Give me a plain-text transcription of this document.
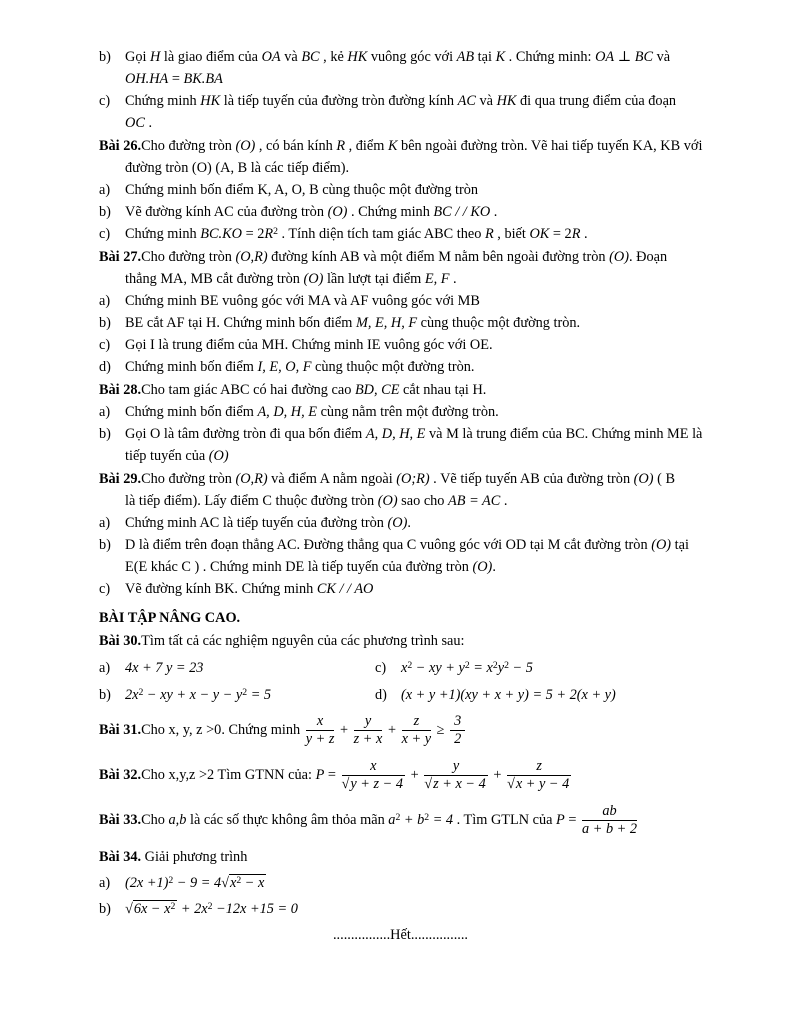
b) Gọi H là giao điểm của OA và BC , kẻ HK vuông góc với AB tại K . Chứng minh: OA ⊥ BC và
OH.HA = BK.BA
c) Chứng minh HK là tiếp tuyến của đường tròn đường kính AC và HK đi qua trung điểm của đoạn
OC .
Bài 26.Cho đường tròn (O) , có bán kính R , điểm K bên ngoài đường tròn. Vẽ hai tiếp tuyến KA, KB với
đường tròn (O) (A, B là các tiếp điểm).
a) Chứng minh bốn điểm K, A, O, B cùng thuộc một đường tròn
b) Vẽ đường kính AC của đường tròn (O) . Chứng minh BC / / KO .
c) Chứng minh $BC.KO = 2R^2$ . Tính diện tích tam giác ABC theo R , biết OK = 2R .
Bài 27.Cho đường tròn (O,R) đường kính AB và một điểm M nằm bên ngoài đường tròn (O). Đoạn
thẳng MA, MB cắt đường tròn (O) lần lượt tại điểm E, F .
a) Chứng minh BE vuông góc với MA và AF vuông góc với MB
b) BE cắt AF tại H. Chứng minh bốn điểm M, E, H, F cùng thuộc một đường tròn.
c) Gọi I là trung điểm của MH. Chứng minh IE vuông góc với OE.
d) Chứng minh bốn điểm I, E, O, F cùng thuộc một đường tròn.
Bài 28.Cho tam giác ABC có hai đường cao BD, CE cắt nhau tại H.
a) Chứng minh bốn điểm A, D, H, E cùng nằm trên một đường tròn.
b) Gọi O là tâm đường tròn đi qua bốn điểm A, D, H, E và M là trung điểm của BC. Chứng minh ME là
tiếp tuyến của (O)
Bài 29.Cho đường tròn (O,R) và điểm A nằm ngoài (O;R) . Vẽ tiếp tuyến AB của đường tròn (O) ( B
là tiếp điểm). Lấy điểm C thuộc đường tròn (O) sao cho AB = AC .
a) Chứng minh AC là tiếp tuyến của đường tròn (O).
b) D là điểm trên đoạn thẳng AC. Đường thẳng qua C vuông góc với OD tại M cắt đường tròn (O) tại
E(E khác C ) . Chứng minh DE là tiếp tuyến của đường tròn (O).
c) Vẽ đường kính BK. Chứng minh CK / / AO
BÀI TẬP NÂNG CAO.
Bài 30.Tìm tất cả các nghiệm nguyên của các phương trình sau:
a) 4x + 7 y = 23	c) $x^2$ − xy + $y^2 = x^2y^2 - 5$
b) $2x^2$ − xy + $x - y - y^2 = 5$	d) (x + y +1)(xy + x + y) = 5 + 2(x + y)
Bài 31.Cho x, y, z >0. Chứng minh $\frac{x}{y + z} + \frac{y}{z + x} + \frac{z}{x + y} \ge \frac{3}{2}$
Bài 32.Cho x,y,z >2 Tìm GTNN của: P = x
√ y + z − 4 + y
√ z + x − 4 + z
√ x + y − 4
Bài 33.Cho a,b là các số thực không âm thỏa mãn $a^2 + b^2 = 4$ . Tìm GTLN của $P = \frac{ab}{a + b + 2}$
Bài 34. Giải phương trình
a) $(2x +1)^2 - 9 = 4$ √ $x^2 - x$
b) √ $6x - x^2 + 2x^2 -12x +15 = 0$
................Hết................
